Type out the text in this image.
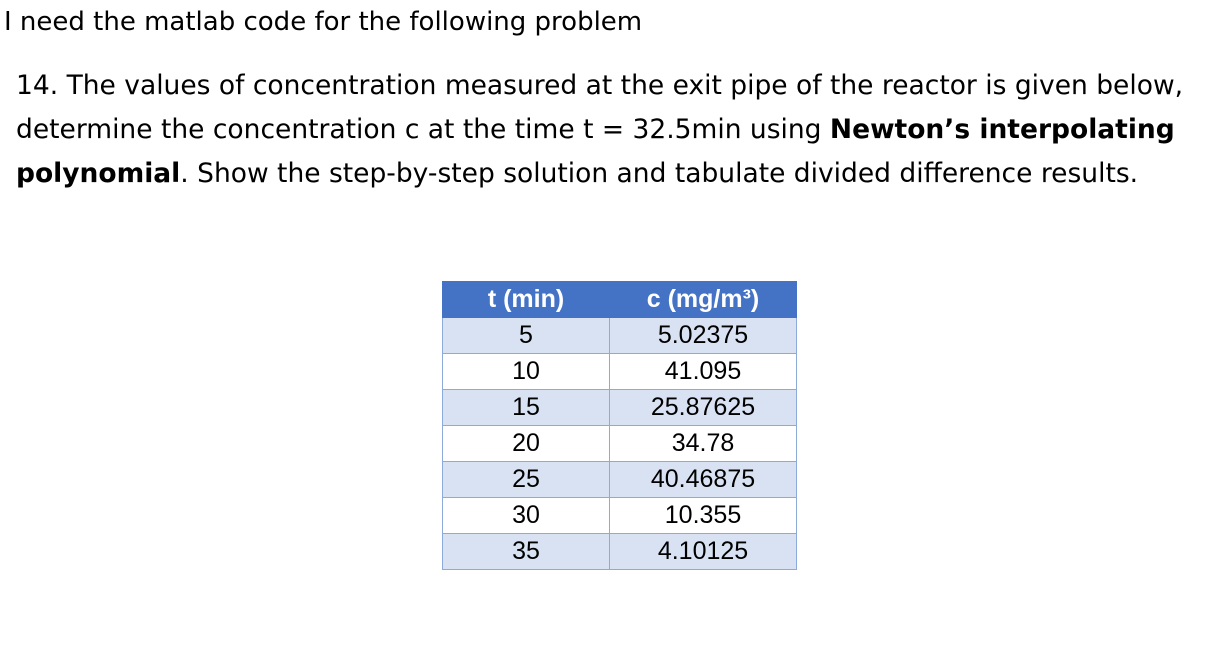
I need the matlab code for the following problem
14. The values of concentration measured at the exit pipe of the reactor is given below, determine the concentration c at the time t = 32.5min using Newton’s interpolating polynomial. Show the step-by-step solution and tabulate divided difference results.
t (min)	c (mg/m³)
5	5.02375
10	41.095
15	25.87625
20	34.78
25	40.46875
30	10.355
35	4.10125
